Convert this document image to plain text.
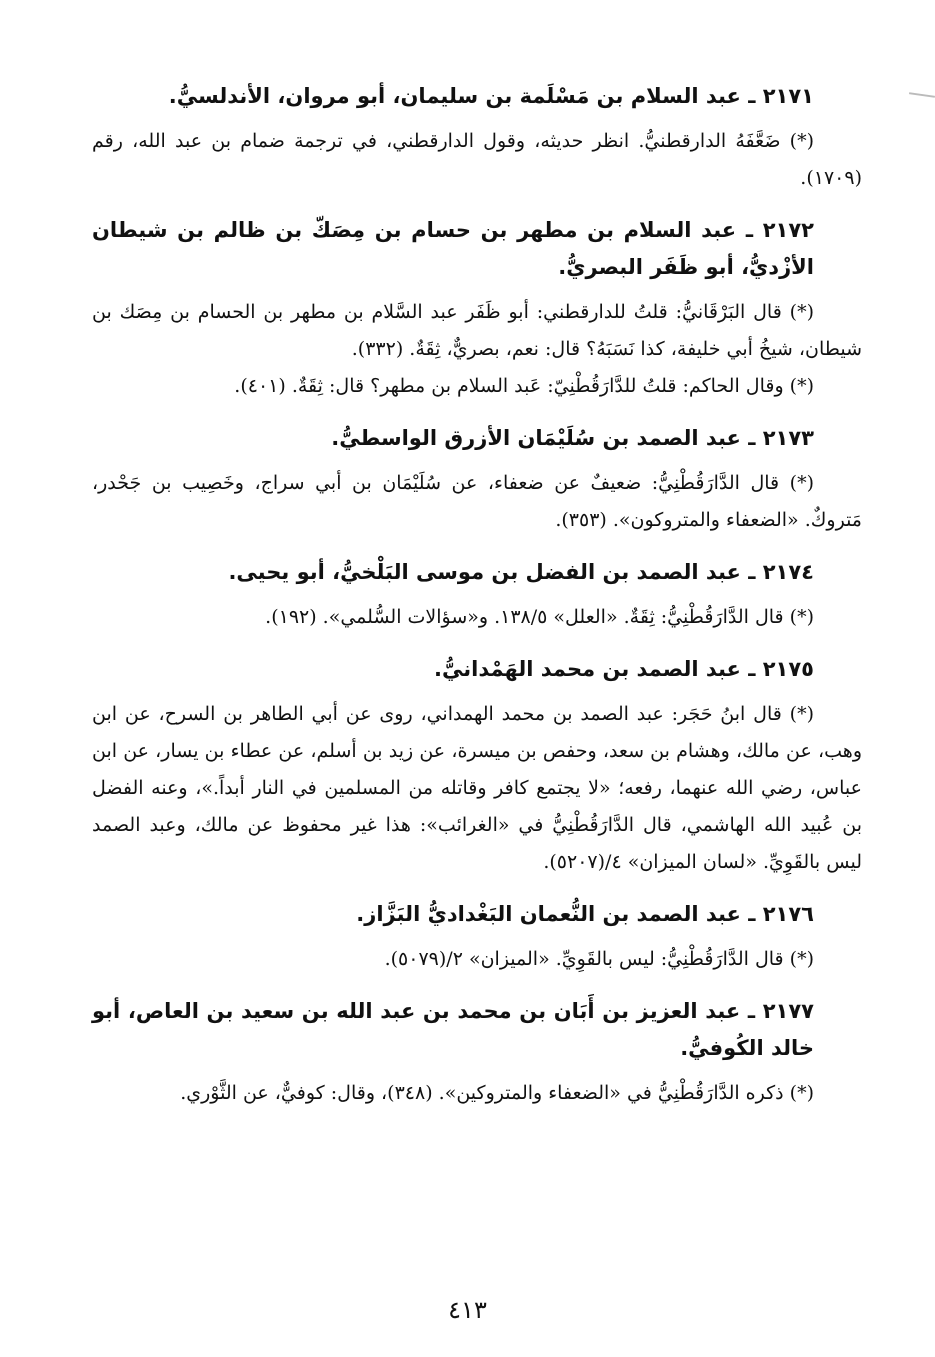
٢١٧١ ـ عبد السلام بن مَسْلَمة بن سليمان، أبو مروان، الأندلسيُّ.

(*) ضَعَّفَهُ الدارقطنيُّ. انظر حديثه، وقول الدارقطني، في ترجمة ضمام بن عبد الله، رقم (١٧٠٩).

٢١٧٢ ـ عبد السلام بن مطهر بن حسام بن مِصَكّ بن ظالم بن شيطان الأزْديُّ، أبو ظَفَر البصريُّ.

(*) قال البَرْقَانيُّ: قلتُ للدارقطني: أبو ظَفَر عبد السَّلام بن مطهر بن الحسام بن مِصَك بن شيطان، شيخُ أبي خليفة، كذا نَسَبَهُ؟ قال: نعم، بصريٌّ، ثِقَةٌ. (٣٣٢).

(*) وقال الحاكم: قلتُ للدَّارَقُطْنِيّ: عَبد السلام بن مطهر؟ قال: ثِقَةٌ. (٤٠١).

٢١٧٣ ـ عبد الصمد بن سُلَيْمَان الأزرق الواسطيُّ.

(*) قال الدَّارَقُطْنِيُّ: ضعيفٌ عن ضعفاء، عن سُلَيْمَان بن أبي سراج، وخَصِيب بن جَحْدر، مَتروكٌ. «الضعفاء والمتروكون». (٣٥٣).

٢١٧٤ ـ عبد الصمد بن الفضل بن موسى البَلْخيُّ، أبو يحيى.

(*) قال الدَّارَقُطْنِيُّ: ثِقَةٌ. «العلل» ١٣٨/٥. و«سؤالات السُّلمي». (١٩٢).

٢١٧٥ ـ عبد الصمد بن محمد الهَمْدانيُّ.

(*) قال ابنُ حَجَر: عبد الصمد بن محمد الهمداني، روى عن أبي الطاهر بن السرح، عن ابن وهب، عن مالك، وهشام بن سعد، وحفص بن ميسرة، عن زيد بن أسلم، عن عطاء بن يسار، عن ابن عباس، رضي الله عنهما، رفعه؛ «لا يجتمع كافر وقاتله من المسلمين في النار أبداً.»، وعنه الفضل بن عُبيد الله الهاشمي، قال الدَّارَقُطْنِيُّ في «الغرائب»: هذا غير محفوظ عن مالك، وعبد الصمد ليس بالقَوِيِّ. «لسان الميزان» ٤/(٥٢٠٧).

٢١٧٦ ـ عبد الصمد بن النُّعمان البَغْداديُّ البَزَّاز.

(*) قال الدَّارَقُطْنِيُّ: ليس بالقَوِيِّ. «الميزان» ٢/(٥٠٧٩).

٢١٧٧ ـ عبد العزيز بن أَبَان بن محمد بن عبد الله بن سعيد بن العاص، أبو خالد الكُوفيُّ.

(*) ذكره الدَّارَقُطْنِيُّ في «الضعفاء والمتروكين». (٣٤٨)، وقال: كوفيٌّ، عن الثَّوْري.

٤١٣
